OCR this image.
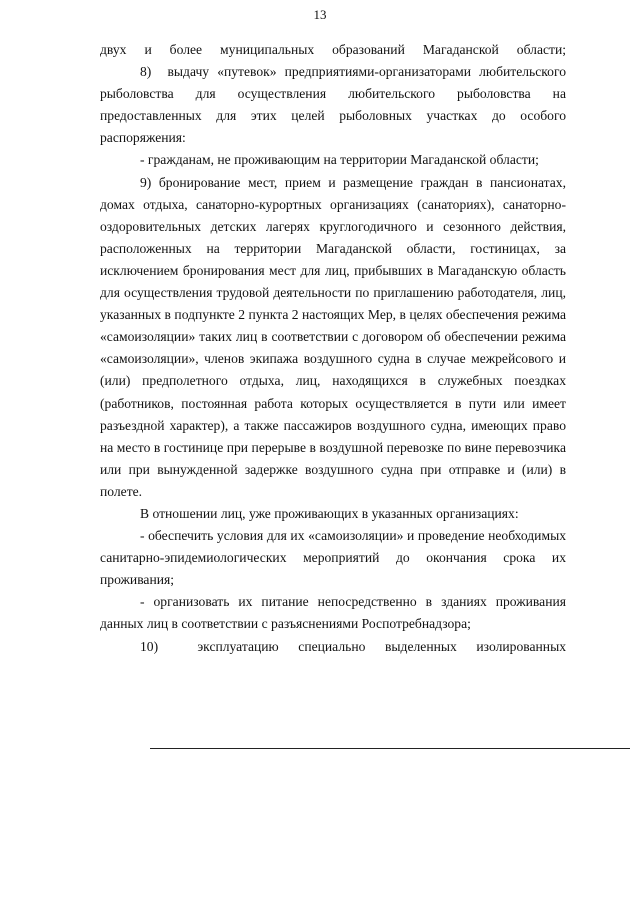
13

двух и более муниципальных образований Магаданской области;

8)  выдачу «путевок» предприятиями-организаторами любительского рыболовства для осуществления любительского рыболовства на предоставленных для этих целей рыболовных участках до особого распоряжения:

- гражданам, не проживающим на территории Магаданской области;

9) бронирование мест, прием и размещение граждан в пансионатах, домах отдыха, санаторно-курортных организациях (санаториях), санаторно-оздоровительных детских лагерях круглогодичного и сезонного действия, расположенных на территории Магаданской области, гостиницах, за исключением бронирования мест для лиц, прибывших в Магаданскую область для осуществления трудовой деятельности по приглашению работодателя, лиц, указанных в подпункте 2 пункта 2 настоящих Мер, в целях обеспечения режима «самоизоляции» таких лиц в соответствии с договором об обеспечении режима «самоизоляции», членов экипажа воздушного судна в случае межрейсового и (или) предполетного отдыха, лиц, находящихся в служебных поездках (работников, постоянная работа которых осуществляется в пути или имеет разъездной характер), а также пассажиров воздушного судна, имеющих право на место в гостинице при перерыве в воздушной перевозке по вине перевозчика или при вынужденной задержке воздушного судна при отправке и (или) в полете.

В отношении лиц, уже проживающих в указанных организациях:

- обеспечить условия для их «самоизоляции» и проведение необходимых санитарно-эпидемиологических мероприятий до окончания срока их проживания;

- организовать их питание непосредственно в зданиях проживания данных лиц в соответствии с разъяснениями Роспотребнадзора;

10)  эксплуатацию специально выделенных изолированных
